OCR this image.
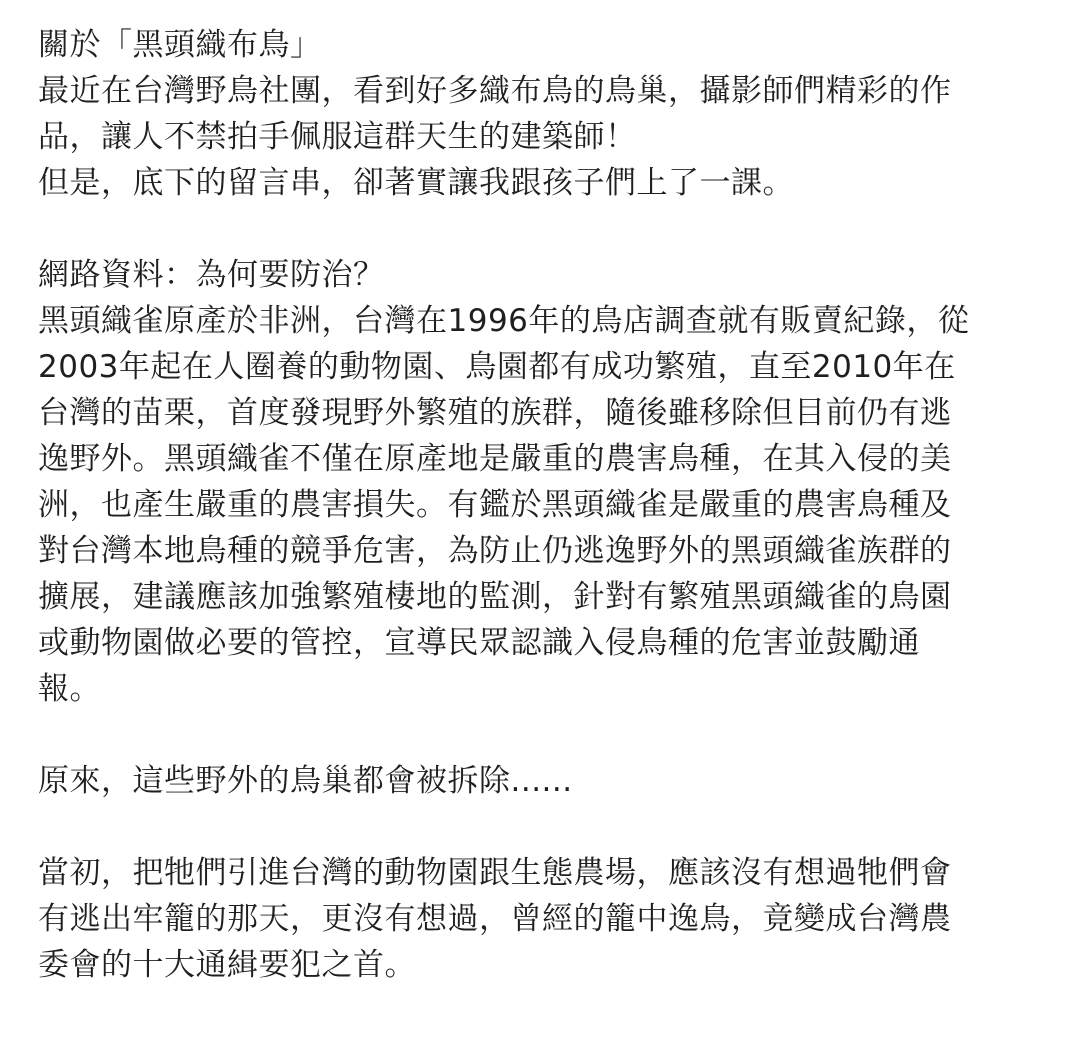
關於「黑頭織布鳥」
最近在台灣野鳥社團，看到好多織布鳥的鳥巢，攝影師們精彩的作
品，讓人不禁拍手佩服這群天生的建築師！
但是，底下的留言串，卻著實讓我跟孩子們上了一課。
網路資料：為何要防治？
黑頭織雀原產於非洲，台灣在1996年的鳥店調查就有販賣紀錄，從
2003年起在人圈養的動物園、鳥園都有成功繁殖，直至2010年在
台灣的苗栗，首度發現野外繁殖的族群，隨後雖移除但目前仍有逃
逸野外。黑頭織雀不僅在原產地是嚴重的農害鳥種，在其入侵的美
洲，也產生嚴重的農害損失。有鑑於黑頭織雀是嚴重的農害鳥種及
對台灣本地鳥種的競爭危害，為防止仍逃逸野外的黑頭織雀族群的
擴展，建議應該加強繁殖棲地的監測，針對有繁殖黑頭織雀的鳥園
或動物園做必要的管控，宣導民眾認識入侵鳥種的危害並鼓勵通
報。
原來，這些野外的鳥巢都會被拆除......
當初，把牠們引進台灣的動物園跟生態農場，應該沒有想過牠們會
有逃出牢籠的那天，更沒有想過，曾經的籠中逸鳥，竟變成台灣農
委會的十大通緝要犯之首。
